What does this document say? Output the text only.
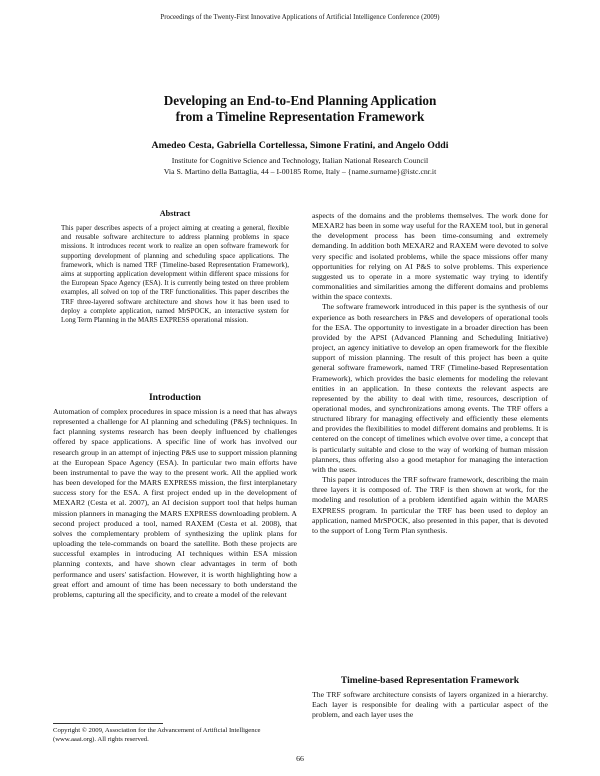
Proceedings of the Twenty-First Innovative Applications of Artificial Intelligence Conference (2009)
Developing an End-to-End Planning Application
from a Timeline Representation Framework
Amedeo Cesta, Gabriella Cortellessa, Simone Fratini, and Angelo Oddi
Institute for Cognitive Science and Technology, Italian National Research Council
Via S. Martino della Battaglia, 44 – I-00185 Rome, Italy – {name.surname}@istc.cnr.it
Abstract
This paper describes aspects of a project aiming at creating a general, flexible and reusable software architecture to address planning problems in space missions. It introduces recent work to realize an open software framework for supporting development of planning and scheduling space applications. The framework, which is named TRF (Timeline-based Representation Framework), aims at supporting application development within different space missions for the European Space Agency (ESA). It is currently being tested on three problem examples, all solved on top of the TRF functionalities. This paper describes the TRF three-layered software architecture and shows how it has been used to deploy a complete application, named MrSPOCK, an interactive system for Long Term Planning in the MARS EXPRESS operational mission.
Introduction

Automation of complex procedures in space mission is a need that has always represented a challenge for AI planning and scheduling (P&S) techniques. In fact planning systems research has been deeply influenced by challenges offered by space applications. A specific line of work has involved our research group in an attempt of injecting P&S use to support mission planning at the European Space Agency (ESA). In particular two main efforts have been instrumental to pave the way to the present work. All the applied work has been developed for the MARS EXPRESS mission, the first interplanetary success story for the ESA. A first project ended up in the development of MEXAR2 (Cesta et al. 2007), an AI decision support tool that helps human mission planners in managing the MARS EXPRESS downloading problem. A second project produced a tool, named RAXEM (Cesta et al. 2008), that solves the complementary problem of synthesizing the uplink plans for uploading the tele-commands on board the satellite. Both these projects are successful examples in introducing AI techniques within ESA mission planning contexts, and have shown clear advantages in term of both performance and users' satisfaction. However, it is worth highlighting how a great effort and amount of time has been necessary to both understand the problems, capturing all the specificity, and to create a model of the relevant

aspects of the domains and the problems themselves. The work done for MEXAR2 has been in some way useful for the RAXEM tool, but in general the development process has been time-consuming and extremely demanding. In addition both MEXAR2 and RAXEM were devoted to solve very specific and isolated problems, while the space missions offer many opportunities for relying on AI P&S to solve problems. This experience suggested us to operate in a more systematic way trying to identify commonalities and similarities among the different domains and problems within the space contexts.

The software framework introduced in this paper is the synthesis of our experience as both researchers in P&S and developers of operational tools for the ESA. The opportunity to investigate in a broader direction has been provided by the APSI (Advanced Planning and Scheduling Initiative) project, an agency initiative to develop an open framework for the flexible support of mission planning. The result of this project has been a quite general software framework, named TRF (Timeline-based Representation Framework), which provides the basic elements for modeling the relevant entities in an application. In these contexts the relevant aspects are represented by the ability to deal with time, resources, description of operational modes, and synchronizations among events. The TRF offers a structured library for managing effectively and efficiently these elements and provides the flexibilities to model different domains and problems. It is centered on the concept of timelines which evolve over time, a concept that is particularly suitable and close to the way of working of human mission planners, thus offering also a good metaphor for managing the interaction with the users.

This paper introduces the TRF software framework, describing the main three layers it is composed of. The TRF is then shown at work, for the modeling and resolution of a problem identified again within the MARS EXPRESS program. In particular the TRF has been used to deploy an application, named MrSPOCK, also presented in this paper, that is devoted to the support of Long Term Plan synthesis.

Timeline-based Representation Framework

The TRF software architecture consists of layers organized in a hierarchy. Each layer is responsible for dealing with a particular aspect of the problem, and each layer uses the

Copyright © 2009, Association for the Advancement of Artificial Intelligence (www.aaai.org). All rights reserved.
66
